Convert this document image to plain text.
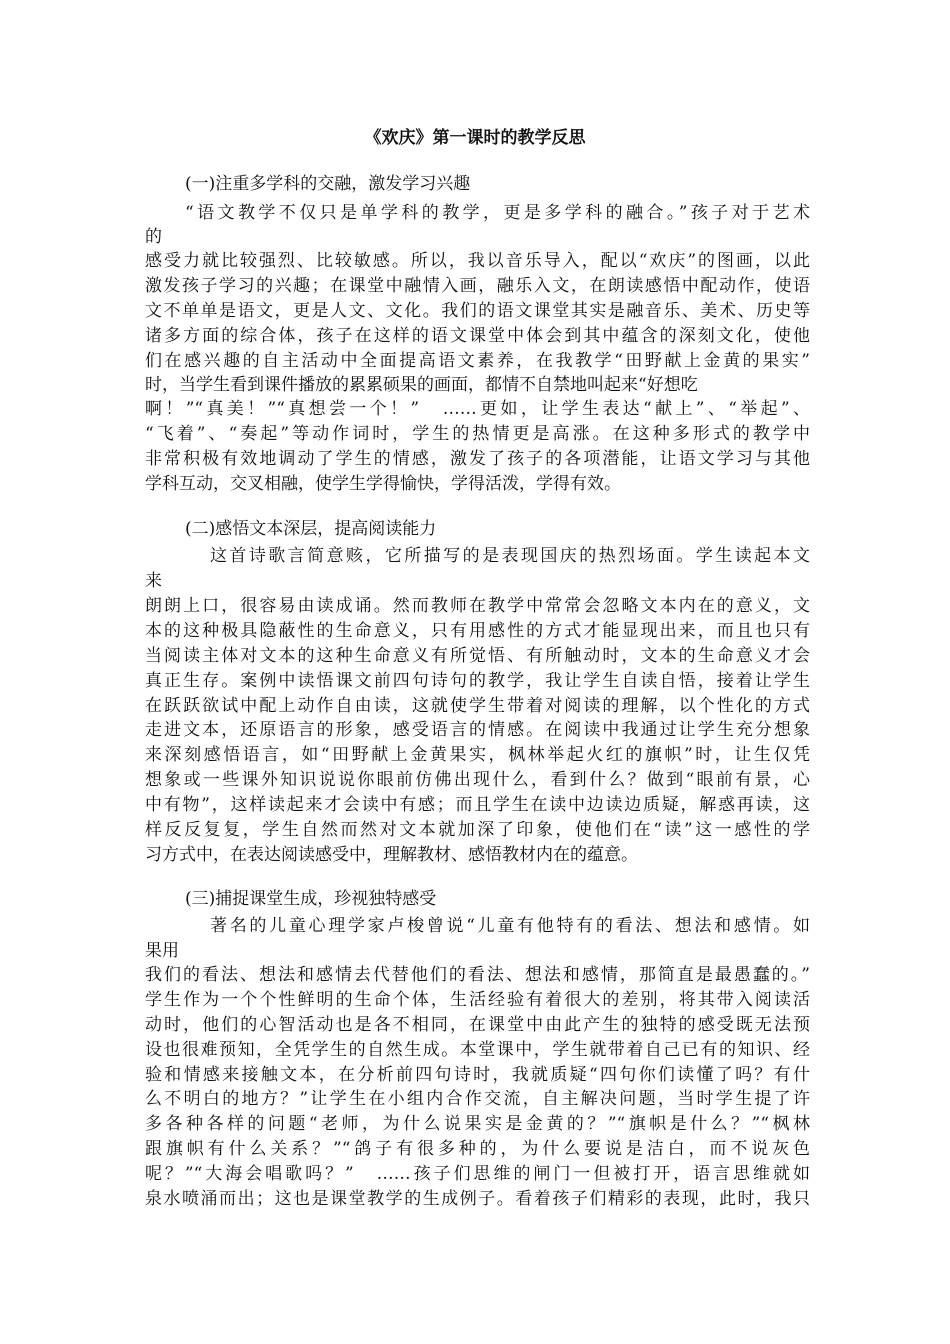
《欢庆》第一课时的教学反思
(一)注重多学科的交融，激发学习兴趣
“语文教学不仅只是单学科的教学，更是多学科的融合。”孩子对于艺术
的
感受力就比较强烈、比较敏感。所以，我以音乐导入，配以“欢庆”的图画，以此
激发孩子学习的兴趣；在课堂中融情入画，融乐入文，在朗读感悟中配动作，使语
文不单单是语文，更是人文、文化。我们的语文课堂其实是融音乐、美术、历史等
诸多方面的综合体，孩子在这样的语文课堂中体会到其中蕴含的深刻文化，使他
们在感兴趣的自主活动中全面提高语文素养，在我教学“田野献上金黄的果实”
时，当学生看到课件播放的累累硕果的画面，都情不自禁地叫起来“好想吃
啊！”“真美！”“真想尝一个！”　……更如，让学生表达“献上”、“举起”、
“飞着”、“奏起”等动作词时，学生的热情更是高涨。在这种多形式的教学中
非常积极有效地调动了学生的情感，激发了孩子的各项潜能，让语文学习与其他
学科互动，交叉相融，使学生学得愉快，学得活泼，学得有效。
(二)感悟文本深层，提高阅读能力
这首诗歌言简意赅，它所描写的是表现国庆的热烈场面。学生读起本文
来
朗朗上口，很容易由读成诵。然而教师在教学中常常会忽略文本内在的意义，文
本的这种极具隐蔽性的生命意义，只有用感性的方式才能显现出来，而且也只有
当阅读主体对文本的这种生命意义有所觉悟、有所触动时，文本的生命意义才会
真正生存。案例中读悟课文前四句诗句的教学，我让学生自读自悟，接着让学生
在跃跃欲试中配上动作自由读，这就使学生带着对阅读的理解，以个性化的方式
走进文本，还原语言的形象，感受语言的情感。在阅读中我通过让学生充分想象
来深刻感悟语言，如“田野献上金黄果实，枫林举起火红的旗帜”时，让生仅凭
想象或一些课外知识说说你眼前仿佛出现什么，看到什么？做到“眼前有景，心
中有物”，这样读起来才会读中有感；而且学生在读中边读边质疑，解惑再读，这
样反反复复，学生自然而然对文本就加深了印象，使他们在“读”这一感性的学
习方式中，在表达阅读感受中，理解教材、感悟教材内在的蕴意。
(三)捕捉课堂生成，珍视独特感受
著名的儿童心理学家卢梭曾说“儿童有他特有的看法、想法和感情。如
果用
我们的看法、想法和感情去代替他们的看法、想法和感情，那简直是最愚蠢的。”
学生作为一个个性鲜明的生命个体，生活经验有着很大的差别，将其带入阅读活
动时，他们的心智活动也是各不相同，在课堂中由此产生的独特的感受既无法预
设也很难预知，全凭学生的自然生成。本堂课中，学生就带着自己已有的知识、经
验和情感来接触文本，在分析前四句诗时，我就质疑“四句你们读懂了吗？有什
么不明白的地方？”让学生在小组内合作交流，自主解决问题，当时学生提了许
多各种各样的问题“老师，为什么说果实是金黄的？”“旗帜是什么？”“枫林
跟旗帜有什么关系？”“鸽子有很多种的，为什么要说是洁白，而不说灰色
呢？”“大海会唱歌吗？”　……孩子们思维的闸门一但被打开，语言思维就如
泉水喷涌而出；这也是课堂教学的生成例子。看着孩子们精彩的表现，此时，我只
